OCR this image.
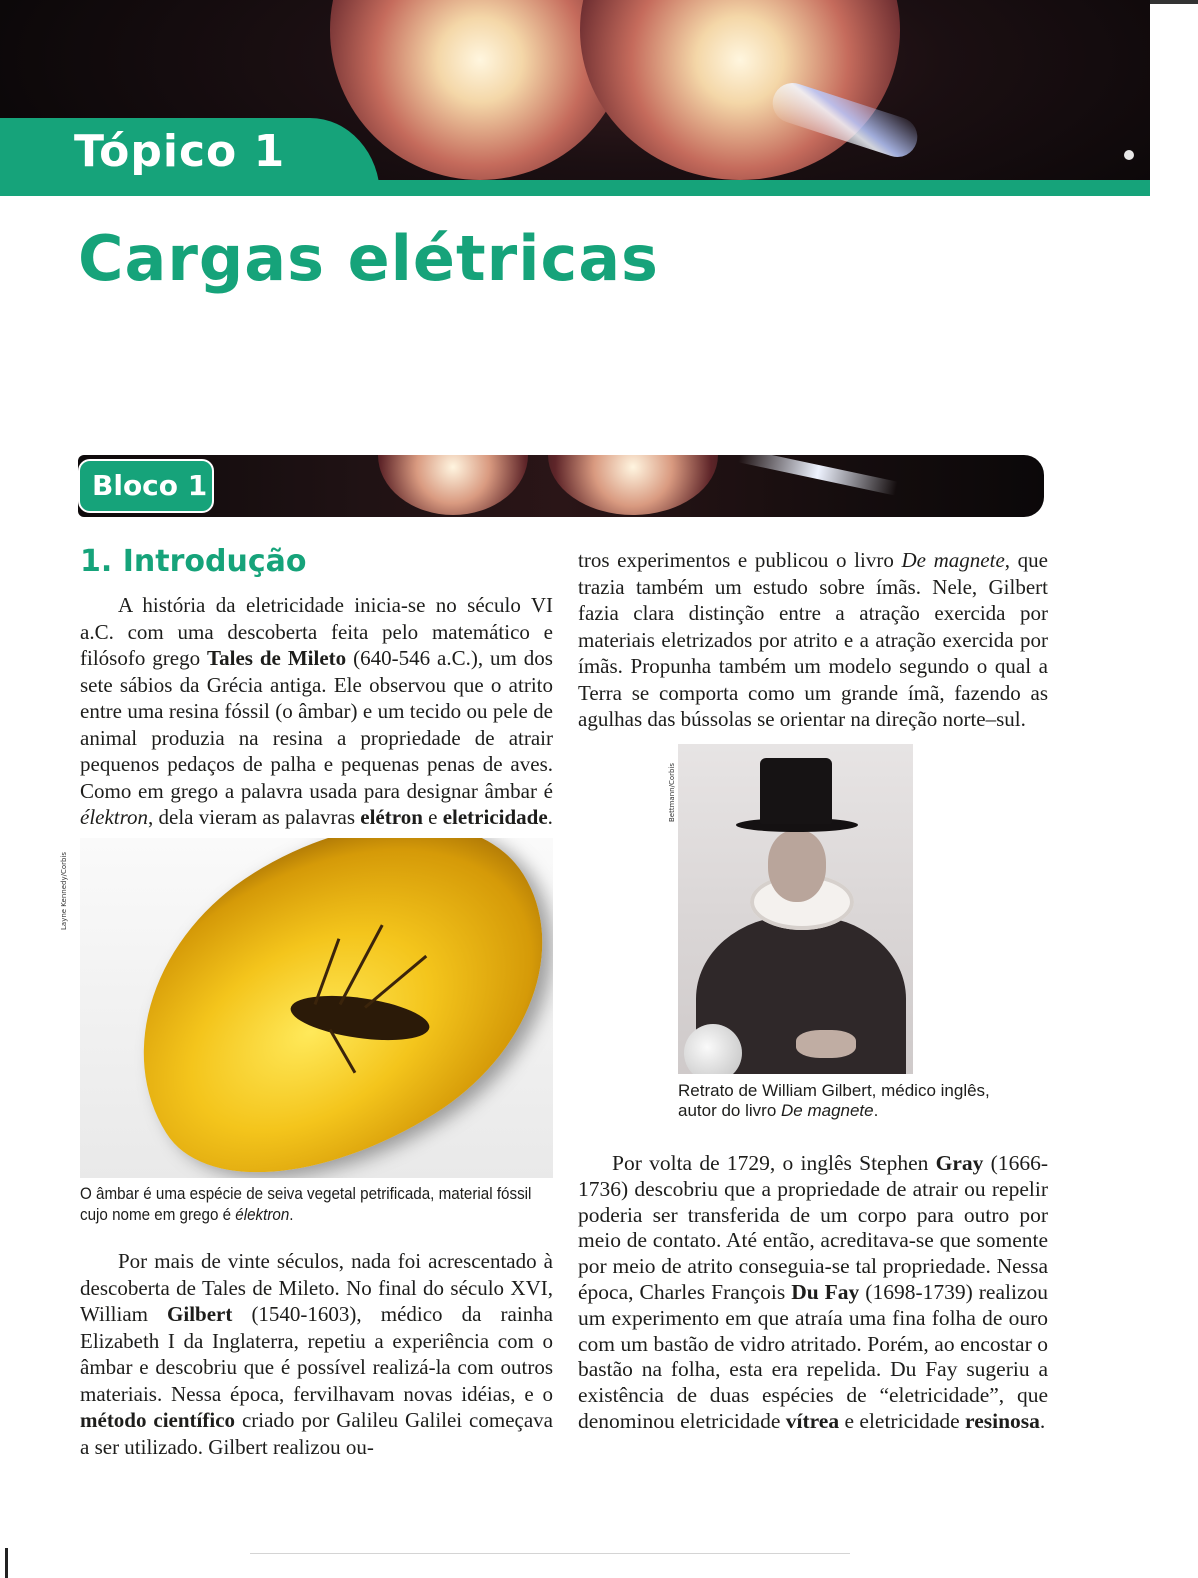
Tópico 1
Cargas elétricas
Bloco 1
1. Introdução

A história da eletricidade inicia-se no século VI a.C. com uma descoberta feita pelo matemático e filósofo grego Tales de Mileto (640-546 a.C.), um dos sete sábios da Grécia antiga. Ele observou que o atrito entre uma resina fóssil (o âmbar) e um tecido ou pele de animal produzia na resina a propriedade de atrair pequenos pedaços de palha e pequenas penas de aves. Como em grego a palavra usada para designar âmbar é élektron, dela vieram as palavras elétron e eletricidade.

Layne Kennedy/Corbis

O âmbar é uma espécie de seiva vegetal petrificada, material fóssil cujo nome em grego é élektron.

Por mais de vinte séculos, nada foi acrescentado à descoberta de Tales de Mileto. No final do século XVI, William Gilbert (1540-1603), médico da rainha Elizabeth I da Inglaterra, repetiu a experiência com o âmbar e descobriu que é possível realizá-la com outros materiais. Nessa época, fervilhavam novas idéias, e o método científico criado por Galileu Galilei começava a ser utilizado. Gilbert realizou ou-

tros experimentos e publicou o livro De magnete, que trazia também um estudo sobre ímãs. Nele, Gilbert fazia clara distinção entre a atração exercida por materiais eletrizados por atrito e a atração exercida por ímãs. Propunha também um modelo segundo o qual a Terra se comporta como um grande ímã, fazendo as agulhas das bússolas se orientar na direção norte–sul.

Bettmann/Corbis

Retrato de William Gilbert, médico inglês, autor do livro De magnete.

Por volta de 1729, o inglês Stephen Gray (1666-1736) descobriu que a propriedade de atrair ou repelir poderia ser transferida de um corpo para outro por meio de contato. Até então, acreditava-se que somente por meio de atrito conseguia-se tal propriedade. Nessa época, Charles François Du Fay (1698-1739) realizou um experimento em que atraía uma fina folha de ouro com um bastão de vidro atritado. Porém, ao encostar o bastão na folha, esta era repelida. Du Fay sugeriu a existência de duas espécies de “eletricidade”, que denominou eletricidade vítrea e eletricidade resinosa.
